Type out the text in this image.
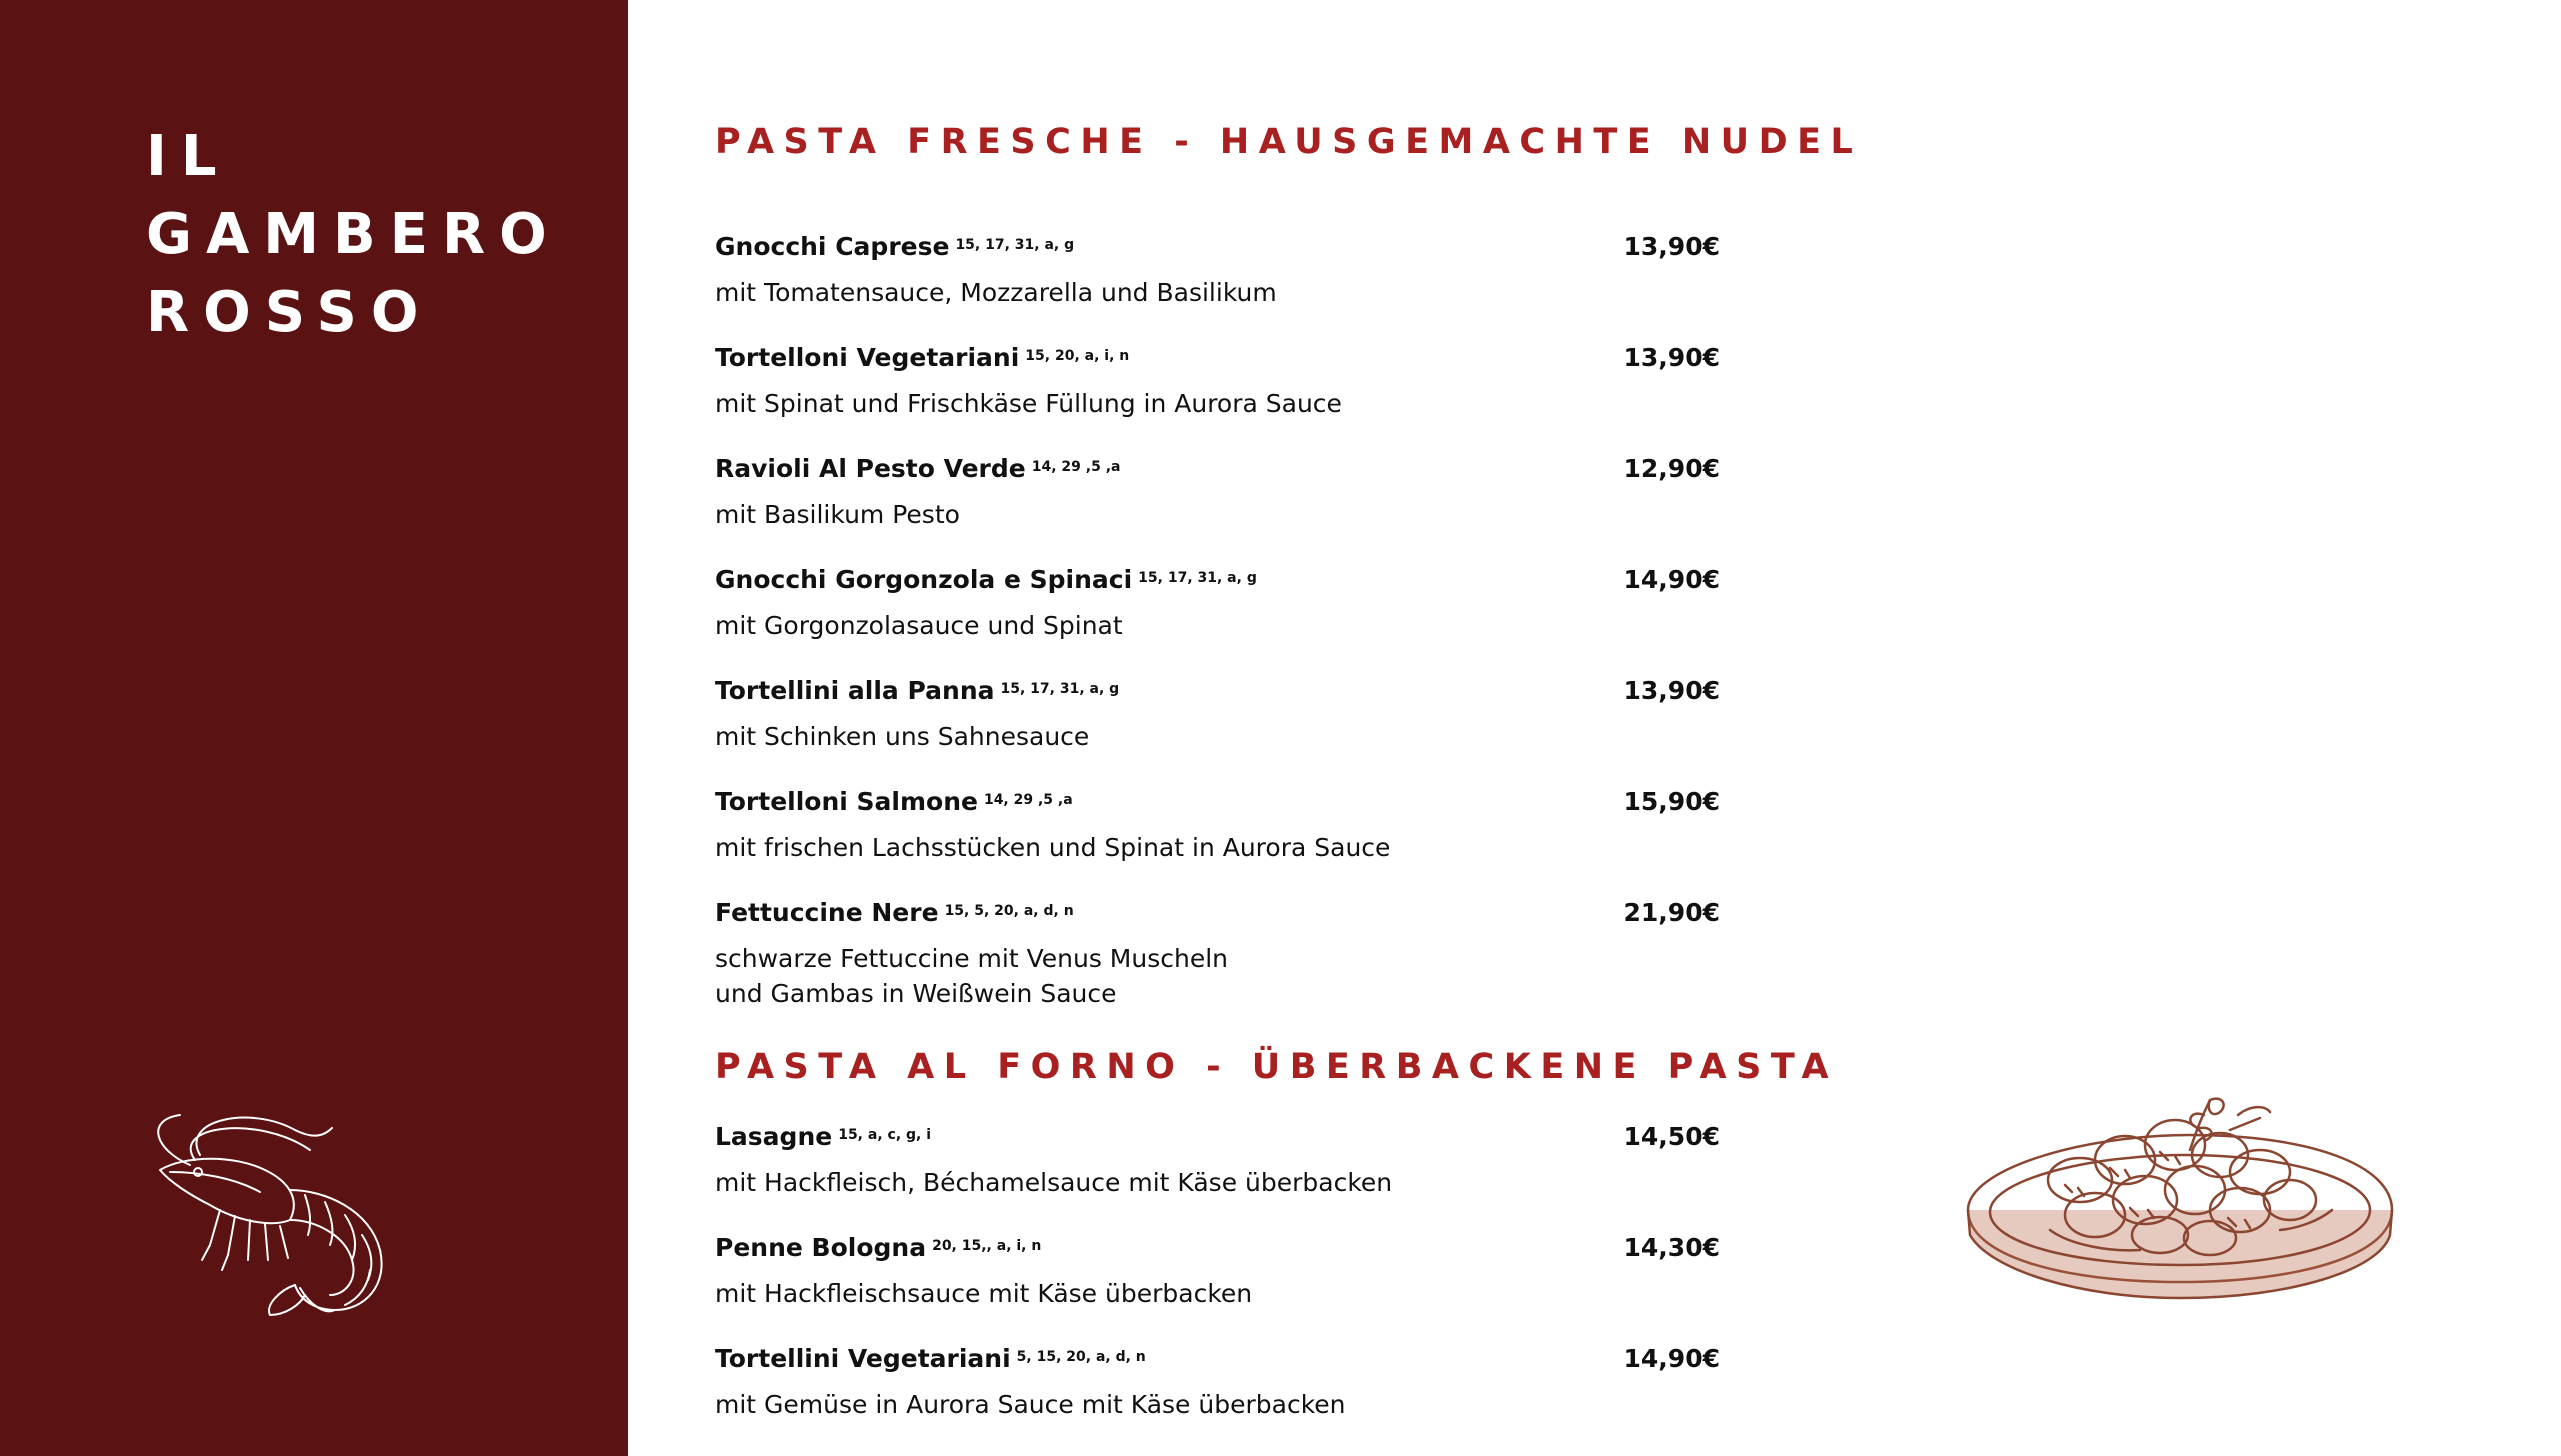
IL
GAMBERO
ROSSO
PASTA FRESCHE - HAUSGEMACHTE NUDEL
Gnocchi Caprese 15, 17, 31, a, g	13,90€
mit Tomatensauce, Mozzarella und Basilikum
Tortelloni Vegetariani 15, 20, a, i, n	13,90€
mit Spinat und Frischkäse Füllung in Aurora Sauce
Ravioli Al Pesto Verde 14, 29 ,5 ,a	12,90€
mit Basilikum Pesto
Gnocchi Gorgonzola e Spinaci 15, 17, 31, a, g	14,90€
mit Gorgonzolasauce und Spinat
Tortellini alla Panna 15, 17, 31, a, g	13,90€
mit Schinken uns Sahnesauce
Tortelloni Salmone 14, 29 ,5 ,a	15,90€
mit frischen Lachsstücken und Spinat in Aurora Sauce
Fettuccine Nere 15, 5, 20, a, d, n	21,90€
schwarze Fettuccine mit Venus Muscheln
und Gambas in Weißwein Sauce
PASTA AL FORNO - ÜBERBACKENE PASTA
Lasagne 15, a, c, g, i	14,50€
mit Hackfleisch, Béchamelsauce mit Käse überbacken
Penne Bologna 20, 15,, a, i, n	14,30€
mit Hackfleischsauce mit Käse überbacken
Tortellini Vegetariani 5, 15, 20, a, d, n	14,90€
mit Gemüse in Aurora Sauce mit Käse überbacken
